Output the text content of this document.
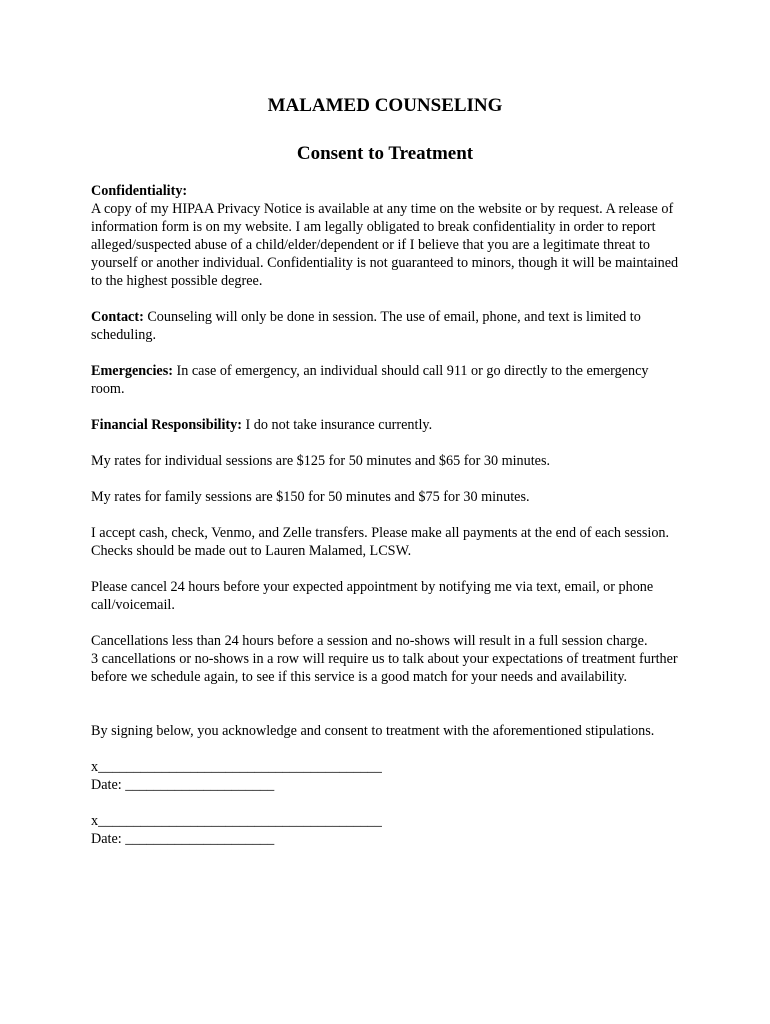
MALAMED COUNSELING
Consent to Treatment

Confidentiality:
A copy of my HIPAA Privacy Notice is available at any time on the website or by request. A release of information form is on my website. I am legally obligated to break confidentiality in order to report alleged/suspected abuse of a child/elder/dependent or if I believe that you are a legitimate threat to yourself or another individual. Confidentiality is not guaranteed to minors, though it will be maintained to the highest possible degree.

Contact: Counseling will only be done in session. The use of email, phone, and text is limited to scheduling.

Emergencies: In case of emergency, an individual should call 911 or go directly to the emergency room.

Financial Responsibility: I do not take insurance currently.

My rates for individual sessions are $125 for 50 minutes and $65 for 30 minutes.

My rates for family sessions are $150 for 50 minutes and $75 for 30 minutes.

I accept cash, check, Venmo, and Zelle transfers. Please make all payments at the end of each session. Checks should be made out to Lauren Malamed, LCSW.

Please cancel 24 hours before your expected appointment by notifying me via text, email, or phone call/voicemail.

Cancellations less than 24 hours before a session and no-shows will result in a full session charge.

3 cancellations or no-shows in a row will require us to talk about your expectations of treatment further before we schedule again, to see if this service is a good match for your needs and availability.

By signing below, you acknowledge and consent to treatment with the aforementioned stipulations.

x________________________________________

Date: _____________________

x________________________________________

Date: _____________________
